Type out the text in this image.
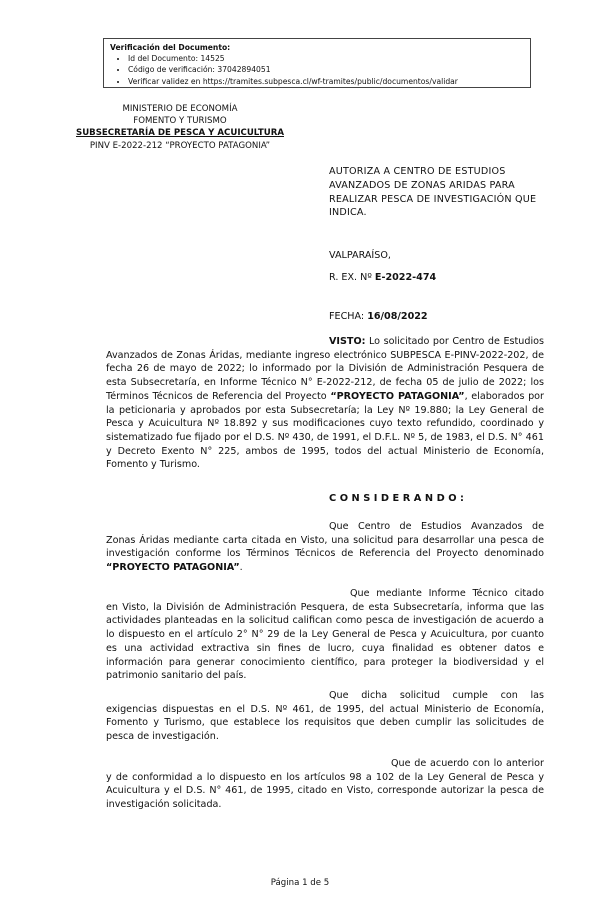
Verificación del Documento:
• Id del Documento: 14525
• Código de verificación: 37042894051
• Verificar validez en https://tramites.subpesca.cl/wf-tramites/public/documentos/validar
MINISTERIO DE ECONOMÍA
FOMENTO Y TURISMO
SUBSECRETARÍA DE PESCA Y ACUICULTURA
PINV E-2022-212 “PROYECTO PATAGONIA”
AUTORIZA A CENTRO DE ESTUDIOS AVANZADOS DE ZONAS ARIDAS PARA REALIZAR PESCA DE INVESTIGACIÓN QUE INDICA.
VALPARAÍSO,
R. EX. Nº E-2022-474
FECHA: 16/08/2022
VISTO: Lo solicitado por Centro de Estudios Avanzados de Zonas Áridas, mediante ingreso electrónico SUBPESCA E-PINV-2022-202, de fecha 26 de mayo de 2022; lo informado por la División de Administración Pesquera de esta Subsecretaría, en Informe Técnico N° E-2022-212, de fecha 05 de julio de 2022; los Términos Técnicos de Referencia del Proyecto “PROYECTO PATAGONIA”, elaborados por la peticionaria y aprobados por esta Subsecretaría; la Ley Nº 19.880; la Ley General de Pesca y Acuicultura Nº 18.892 y sus modificaciones cuyo texto refundido, coordinado y sistematizado fue fijado por el D.S. Nº 430, de 1991, el D.F.L. Nº 5, de 1983, el D.S. N° 461 y Decreto Exento N° 225, ambos de 1995, todos del actual Ministerio de Economía, Fomento y Turismo.
CONSIDERANDO:
Que Centro de Estudios Avanzados de Zonas Áridas mediante carta citada en Visto, una solicitud para desarrollar una pesca de investigación conforme los Términos Técnicos de Referencia del Proyecto denominado “PROYECTO PATAGONIA”.
Que mediante Informe Técnico citado en Visto, la División de Administración Pesquera, de esta Subsecretaría, informa que las actividades planteadas en la solicitud califican como pesca de investigación de acuerdo a lo dispuesto en el artículo 2° N° 29 de la Ley General de Pesca y Acuicultura, por cuanto es una actividad extractiva sin fines de lucro, cuya finalidad es obtener datos e información para generar conocimiento científico, para proteger la biodiversidad y el patrimonio sanitario del país.
Que dicha solicitud cumple con las exigencias dispuestas en el D.S. Nº 461, de 1995, del actual Ministerio de Economía, Fomento y Turismo, que establece los requisitos que deben cumplir las solicitudes de pesca de investigación.
Que de acuerdo con lo anterior y de conformidad a lo dispuesto en los artículos 98 a 102 de la Ley General de Pesca y Acuicultura y el D.S. N° 461, de 1995, citado en Visto, corresponde autorizar la pesca de investigación solicitada.
Página 1 de 5
